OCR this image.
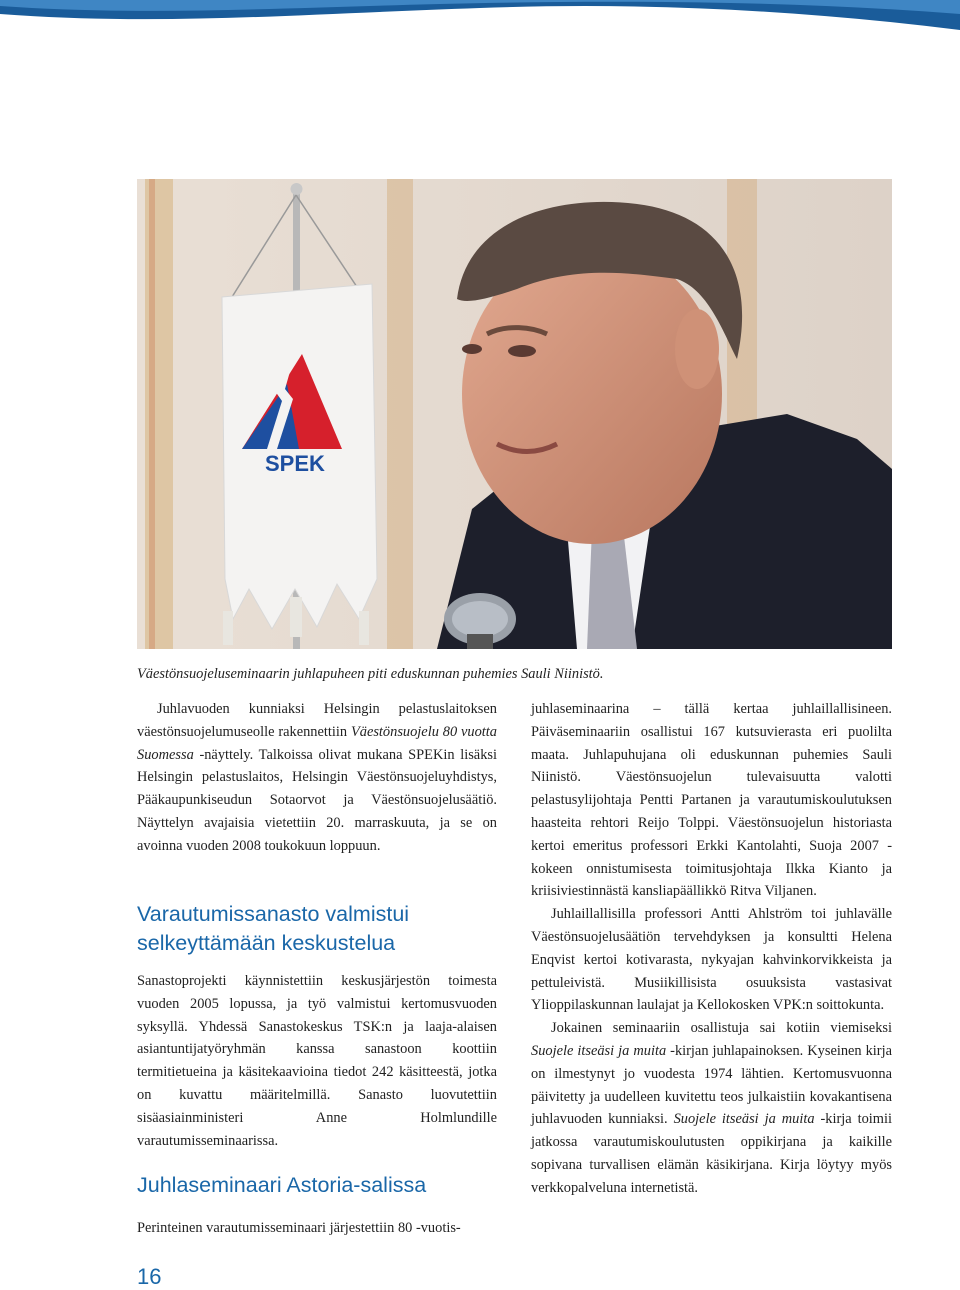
SPEK
Väestönsuojeluseminaarin juhlapuheen piti eduskunnan puhemies Sauli Niinistö.

Juhlavuoden kunniaksi Helsingin pelastuslaitoksen väestönsuojelumuseolle rakennettiin Väestönsuojelu 80 vuotta Suomessa -näyttely. Talkoissa olivat mukana SPEKin lisäksi Helsingin pelastuslaitos, Helsingin Väestönsuojeluyhdistys, Pääkaupunkiseudun Sotaorvot ja Väestönsuojelusäätiö. Näyttelyn avajaisia vietettiin 20. marraskuuta, ja se on avoinna vuoden 2008 toukokuun loppuun.

Varautumissanasto valmistui selkeyttämään keskustelua

Sanastoprojekti käynnistettiin keskusjärjestön toimesta vuoden 2005 lopussa, ja työ valmistui kertomusvuoden syksyllä. Yhdessä Sanastokeskus TSK:n ja laaja-alaisen asiantuntijatyöryhmän kanssa sanastoon koottiin termitietueina ja käsitekaavioina tiedot 242 käsitteestä, jotka on kuvattu määritelmillä. Sanasto luovutettiin sisäasiainministeri Anne Holmlundille varautumisseminaarissa.

Juhlaseminaari Astoria-salissa

Perinteinen varautumisseminaari järjestettiin 80 -vuotis-

juhlaseminaarina – tällä kertaa juhlaillallisineen. Päiväseminaariin osallistui 167 kutsuvierasta eri puolilta maata. Juhlapuhujana oli eduskunnan puhemies Sauli Niinistö. Väestönsuojelun tulevaisuutta valotti pelastusylijohtaja Pentti Partanen ja varautumiskoulutuksen haasteita rehtori Reijo Tolppi. Väestönsuojelun historiasta kertoi emeritus professori Erkki Kantolahti, Suoja 2007 -kokeen onnistumisesta toimitusjohtaja Ilkka Kianto ja kriisiviestinnästä kansliapäällikkö Ritva Viljanen.

Juhlaillallisilla professori Antti Ahlström toi juhlavälle Väestönsuojelusäätiön tervehdyksen ja konsultti Helena Enqvist kertoi kotivarasta, nykyajan kahvinkorvikkeista ja pettuleivistä. Musiikillisista osuuksista vastasivat Ylioppilaskunnan laulajat ja Kellokosken VPK:n soittokunta.

Jokainen seminaariin osallistuja sai kotiin viemiseksi Suojele itseäsi ja muita -kirjan juhlapainoksen. Kyseinen kirja on ilmestynyt jo vuodesta 1974 lähtien. Kertomusvuonna päivitetty ja uudelleen kuvitettu teos julkaistiin kovakantisena juhlavuoden kunniaksi. Suojele itseäsi ja muita -kirja toimii jatkossa varautumiskoulutusten oppikirjana ja kaikille sopivana turvallisen elämän käsikirjana. Kirja löytyy myös verkkopalveluna internetistä.

16
